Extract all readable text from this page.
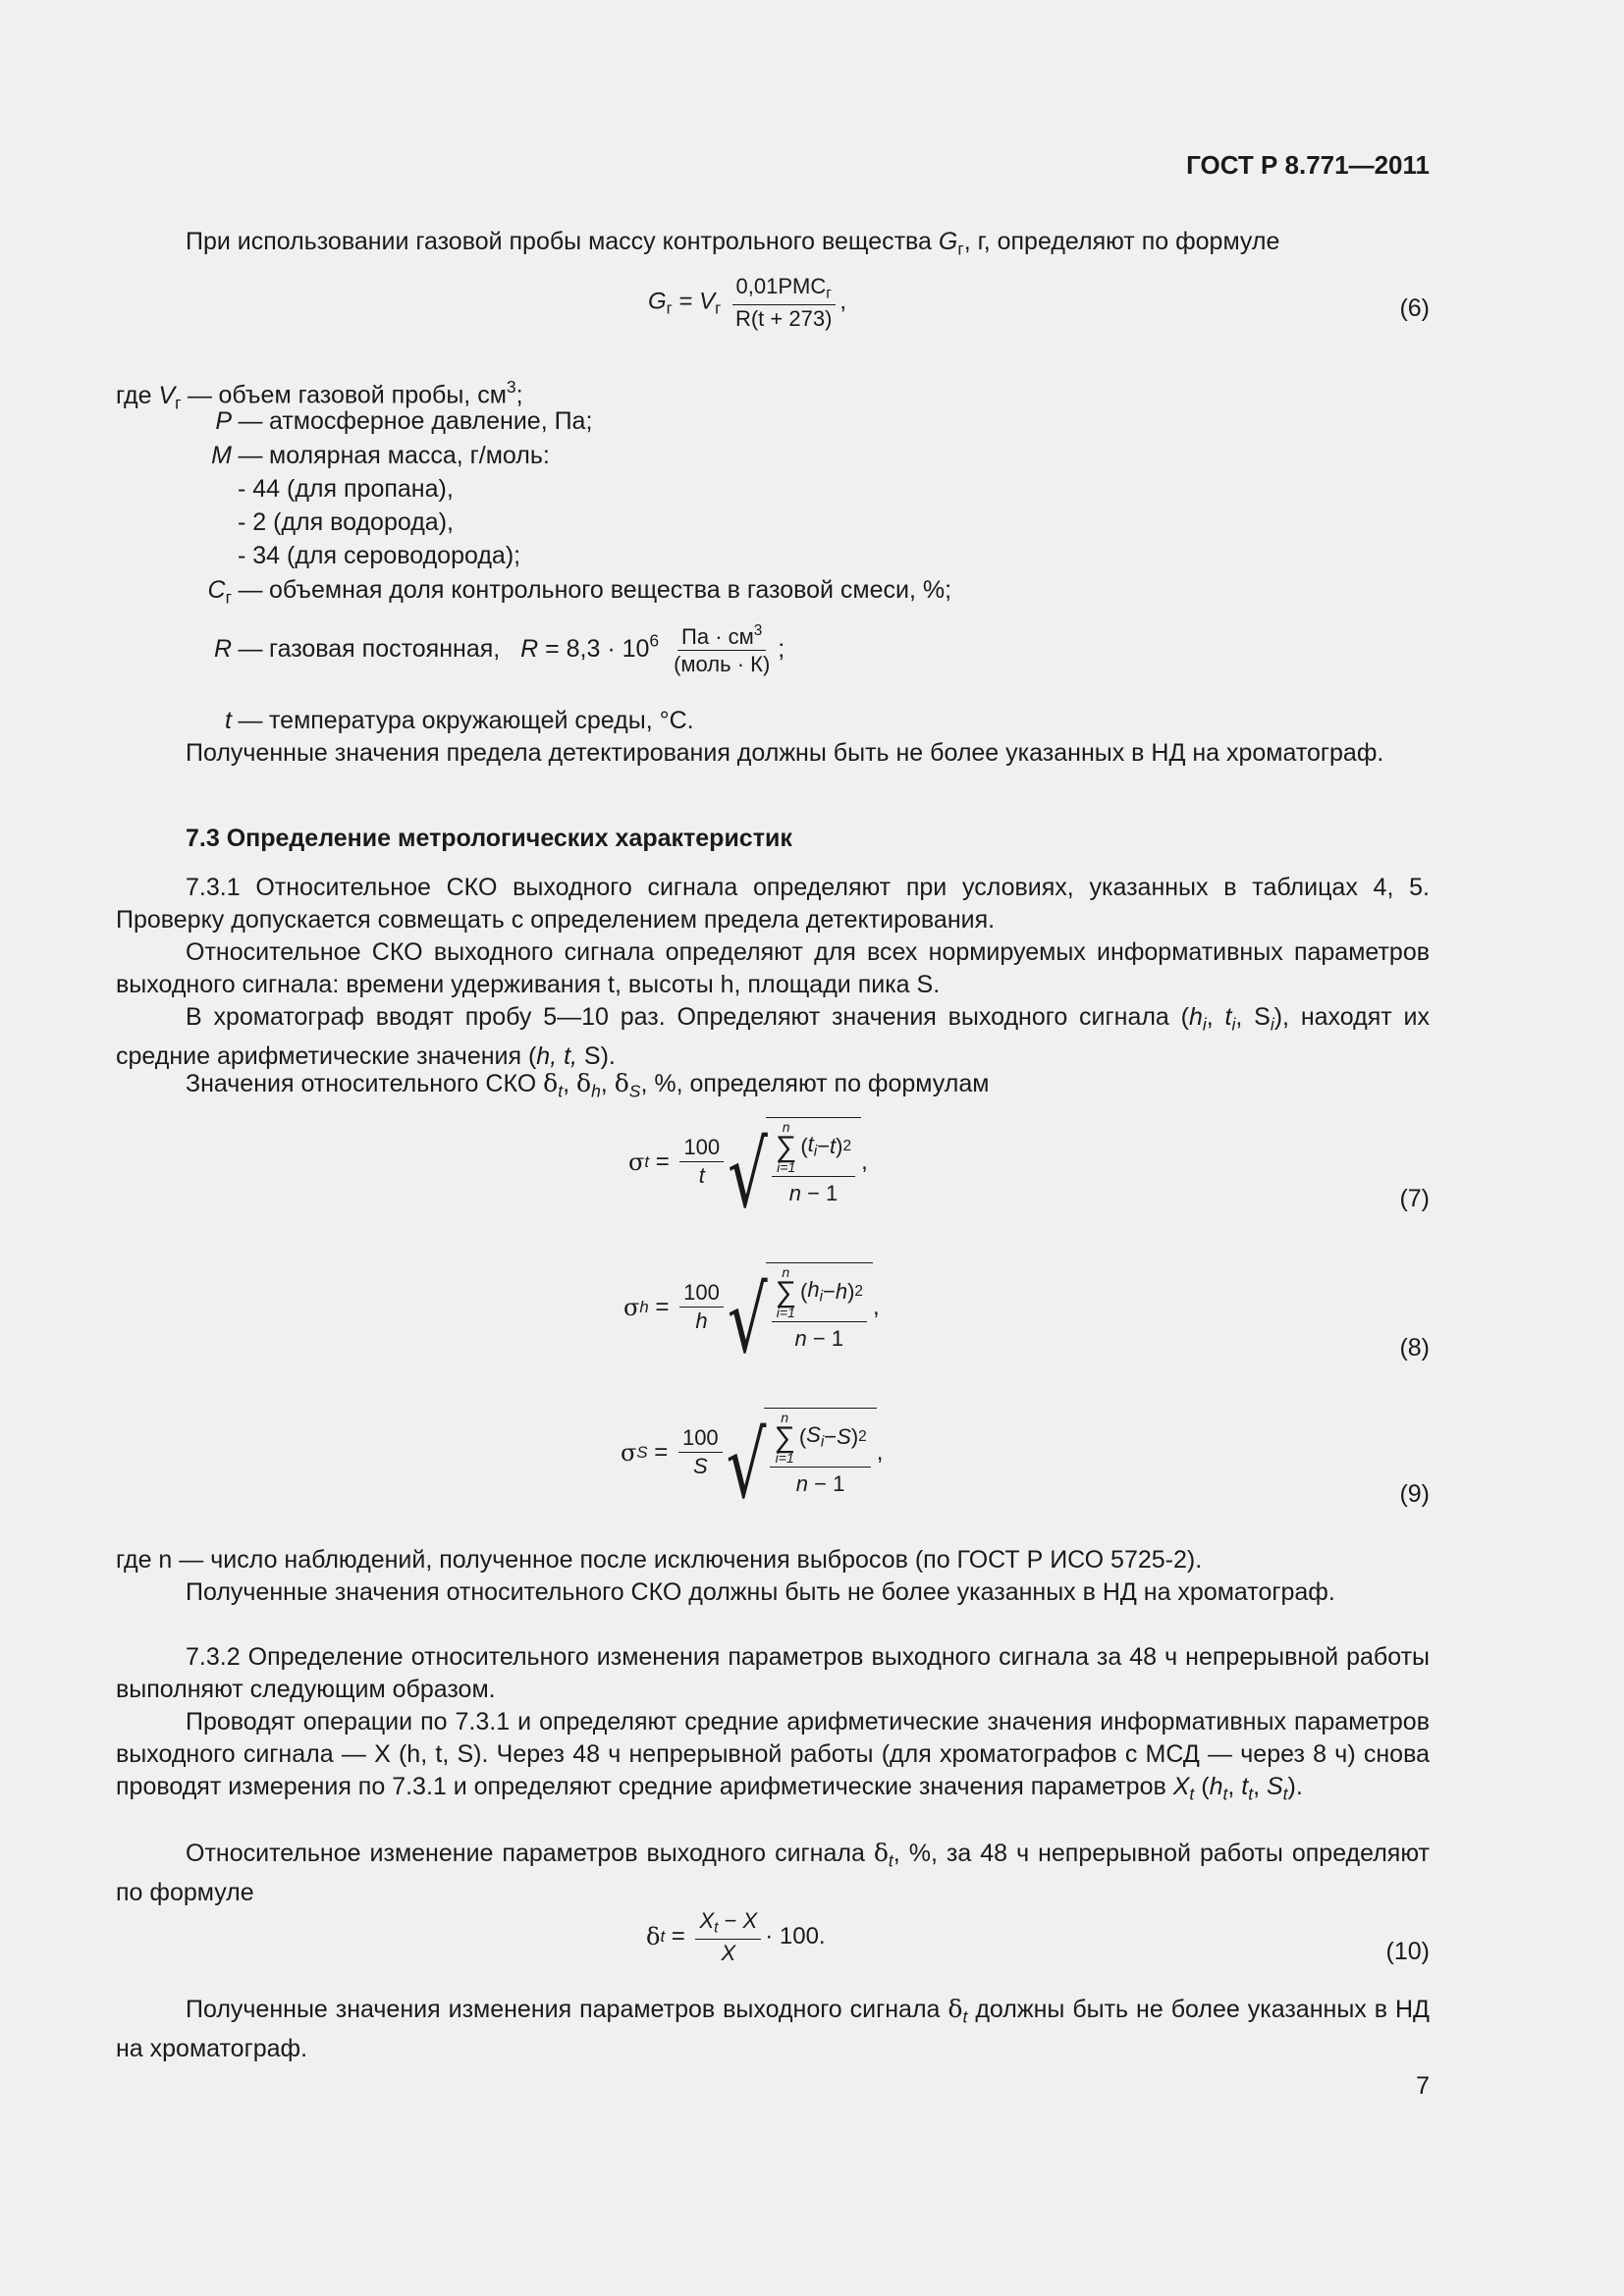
ГОСТ Р 8.771—2011

При использовании газовой пробы массу контрольного вещества $G_г$, г, определяют по формуле

$G_г = V_г \frac{0,01PMC_г}{R(t + 273)}$ ,	(6)
где $V_г$ — объем газовой пробы, $см^3$;
P — атмосферное давление, Па;
M — молярная масса, г/моль:
- 44 (для пропана),
- 2 (для водорода),
- 34 (для сероводорода);
$C_г$ — объемная доля контрольного вещества в газовой смеси, %;
R — газовая постоянная, $R = 8,3 \cdot 10^6 \frac{Па \cdot см^3}{\text{(моль · К)}}$ ;
t — температура окружающей среды, °С.

Полученные значения предела детектирования должны быть не более указанных в НД на хроматограф.

7.3 Определение метрологических характеристик

7.3.1 Относительное СКО выходного сигнала определяют при условиях, указанных в таблицах 4, 5. Проверку допускается совмещать с определением предела детектирования.

Относительное СКО выходного сигнала определяют для всех нормируемых информативных параметров выходного сигнала: времени удерживания t, высоты h, площади пика S.

В хроматограф вводят пробу 5—10 раз. Определяют значения выходного сигнала ($h_i$, $t_i$, $S_i$), находят их средние арифметические значения (h, t, S).

Значения относительного СКО $\delta_t$, $\delta_h$, $\delta_S$, %, определяют по формулам

σ $t = \frac{100}{t}$ √
n
∑
i=1
( $t_i - t$ ) 2
n − 1 ,
(7)
σ $h = \frac{100}{h}$ √
n
∑
i=1
( $h_i - h$ ) 2
n − 1 ,
(8)
σ $S = \frac{100}{S}$ √
n
∑
i=1
( $S_i - S$ ) 2
n − 1 ,
(9)

где n — число наблюдений, полученное после исключения выбросов (по ГОСТ Р ИСО 5725-2).

Полученные значения относительного СКО должны быть не более указанных в НД на хроматограф.

7.3.2 Определение относительного изменения параметров выходного сигнала за 48 ч непрерывной работы выполняют следующим образом.

Проводят операции по 7.3.1 и определяют средние арифметические значения информативных параметров выходного сигнала — X (h, t, S). Через 48 ч непрерывной работы (для хроматографов с МСД — через 8 ч) снова проводят измерения по 7.3.1 и определяют средние арифметические значения параметров $X_t$ ($h_t$, $t_t$, $S_t$).

Относительное изменение параметров выходного сигнала $\delta_t$, %, за 48 ч непрерывной работы определяют по формуле

δ $t = \frac{X_t - X}{X} \cdot 100$.
(10)

Полученные значения изменения параметров выходного сигнала $\delta_t$ должны быть не более указанных в НД на хроматограф.

7
